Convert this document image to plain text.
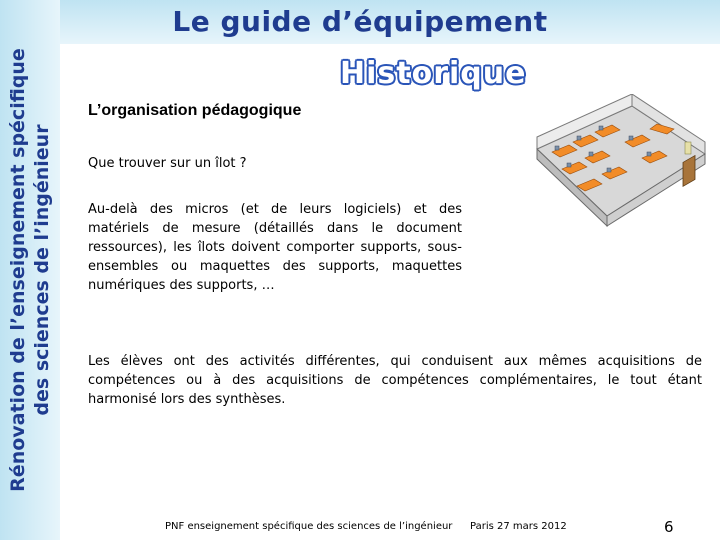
Le guide d’équipement
Rénovation de l’enseignement spécifique des sciences de l’ingénieur
Historique
L’organisation pédagogique
Que trouver sur un îlot ?
Au-delà des micros (et de leurs logiciels) et des matériels de mesure (détaillés dans le document ressources), les îlots doivent comporter supports, sous-ensembles ou maquettes des supports, maquettes numériques des supports, …
Les élèves ont des activités différentes, qui conduisent aux mêmes acquisitions de compétences ou à des acquisitions de compétences complémentaires, le tout étant harmonisé lors des synthèses.
PNF enseignement spécifique des sciences de l’ingénieur Paris 27 mars 2012	6
